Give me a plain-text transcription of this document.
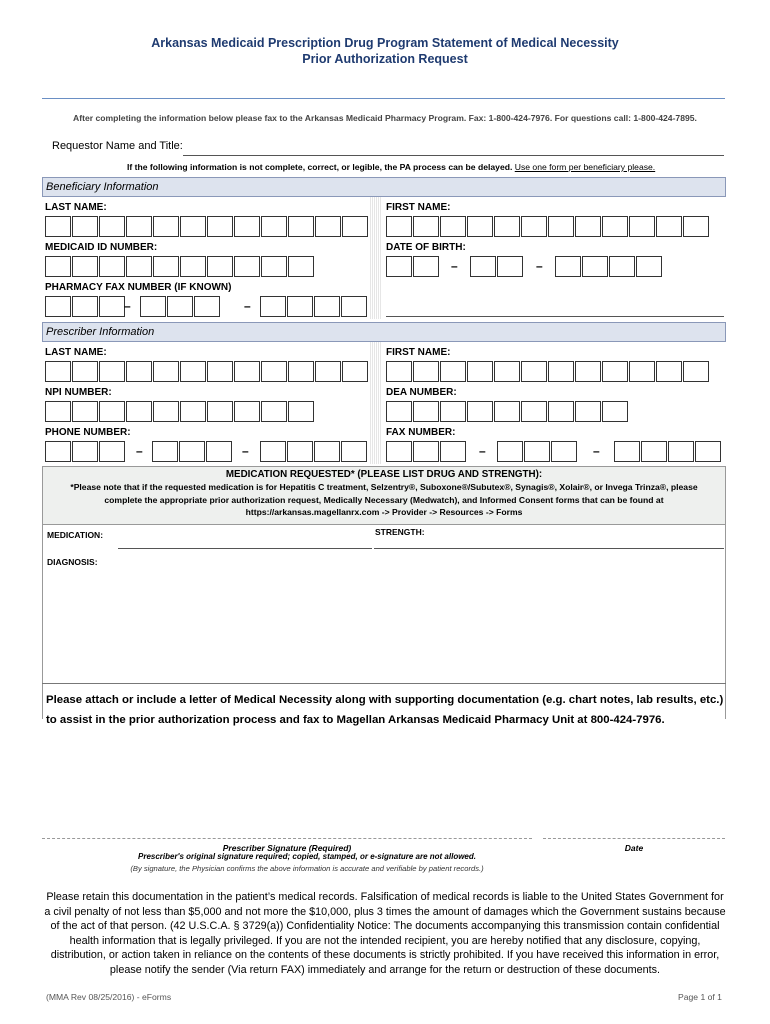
Arkansas Medicaid Prescription Drug Program Statement of Medical Necessity
Prior Authorization Request
After completing the information below please fax to the Arkansas Medicaid Pharmacy Program. Fax: 1-800-424-7976. For questions call: 1-800-424-7895.
Requestor Name and Title:
If the following information is not complete, correct, or legible, the PA process can be delayed. Use one form per beneficiary please.
Beneficiary Information
LAST NAME:	FIRST NAME:
MEDICAID ID NUMBER:	DATE OF BIRTH:
–	–
PHARMACY FAX NUMBER (IF KNOWN)
–	–
Prescriber Information
LAST NAME:	FIRST NAME:
NPI NUMBER:	DEA NUMBER:
PHONE NUMBER:	FAX NUMBER:
–	–	–	–
MEDICATION REQUESTED* (PLEASE LIST DRUG AND STRENGTH):
*Please note that if the requested medication is for Hepatitis C treatment, Selzentry®, Suboxone®/Subutex®, Synagis®, Xolair®, or Invega Trinza®, please
complete the appropriate prior authorization request, Medically Necessary (Medwatch), and Informed Consent forms that can be found at
https://arkansas.magellanrx.com -> Provider -> Resources -> Forms
MEDICATION:	STRENGTH:
DIAGNOSIS:
Please attach or include a letter of Medical Necessity along with supporting documentation (e.g. chart notes, lab results, etc.)
to assist in the prior authorization process and fax to Magellan Arkansas Medicaid Pharmacy Unit at 800-424-7976.
Prescriber Signature (Required)	Date
Prescriber's original signature required; copied, stamped, or e-signature are not allowed.
(By signature, the Physician confirms the above information is accurate and verifiable by patient records.)
Please retain this documentation in the patient’s medical records. Falsification of medical records is liable to the United States Government for a civil penalty of not less than $5,000 and not more the $10,000, plus 3 times the amount of damages which the Government sustains because of the act of that person. (42 U.S.C.A. § 3729(a)) Confidentiality Notice: The documents accompanying this transmission contain confidential health information that is legally privileged. If you are not the intended recipient, you are hereby notified that any disclosure, copying, distribution, or action taken in reliance on the contents of these documents is strictly prohibited. If you have received this information in error, please notify the sender (Via return FAX) immediately and arrange for the return or destruction of these documents.
(MMA Rev 08/25/2016) - eForms	Page 1 of 1
